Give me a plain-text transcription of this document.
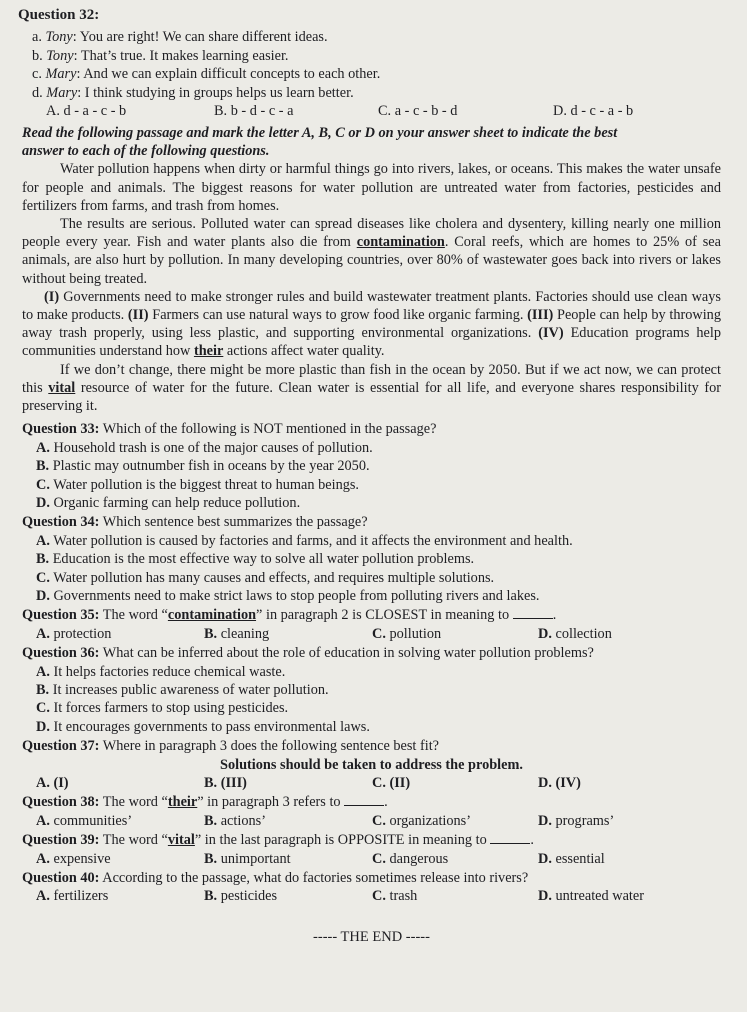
Question 32:
a. Tony: You are right! We can share different ideas.
b. Tony: That’s true. It makes learning easier.
c. Mary: And we can explain difficult concepts to each other.
d. Mary: I think studying in groups helps us learn better.
A. d - a - c - b	B. b - d - c - a	C. a - c - b - d	D. d - c - a - b
Read the following passage and mark the letter A, B, C or D on your answer sheet to indicate the best
answer to each of the following questions.

Water pollution happens when dirty or harmful things go into rivers, lakes, or oceans. This makes the water unsafe for people and animals. The biggest reasons for water pollution are untreated water from factories, pesticides and fertilizers from farms, and trash from homes.

The results are serious. Polluted water can spread diseases like cholera and dysentery, killing nearly one million people every year. Fish and water plants also die from contamination. Coral reefs, which are homes to 25% of sea animals, are also hurt by pollution. In many developing countries, over 80% of wastewater goes back into rivers or lakes without being treated.

(I) Governments need to make stronger rules and build wastewater treatment plants. Factories should use clean ways to make products. (II) Farmers can use natural ways to grow food like organic farming. (III) People can help by throwing away trash properly, using less plastic, and supporting environmental organizations. (IV) Education programs help communities understand how their actions affect water quality.

If we don’t change, there might be more plastic than fish in the ocean by 2050. But if we act now, we can protect this vital resource of water for the future. Clean water is essential for all life, and everyone shares responsibility for preserving it.

Question 33: Which of the following is NOT mentioned in the passage?
A. Household trash is one of the major causes of pollution.
B. Plastic may outnumber fish in oceans by the year 2050.
C. Water pollution is the biggest threat to human beings.
D. Organic farming can help reduce pollution.
Question 34: Which sentence best summarizes the passage?
A. Water pollution is caused by factories and farms, and it affects the environment and health.
B. Education is the most effective way to solve all water pollution problems.
C. Water pollution has many causes and effects, and requires multiple solutions.
D. Governments need to make strict laws to stop people from polluting rivers and lakes.
Question 35: The word “contamination” in paragraph 2 is CLOSEST in meaning to	.
A. protection	B. cleaning	C. pollution	D. collection
Question 36: What can be inferred about the role of education in solving water pollution problems?
A. It helps factories reduce chemical waste.
B. It increases public awareness of water pollution.
C. It forces farmers to stop using pesticides.
D. It encourages governments to pass environmental laws.
Question 37: Where in paragraph 3 does the following sentence best fit?
Solutions should be taken to address the problem.
A. (I)	B. (III)	C. (II)	D. (IV)
Question 38: The word “their” in paragraph 3 refers to	.
A. communities’	B. actions’	C. organizations’	D. programs’
Question 39: The word “vital” in the last paragraph is OPPOSITE in meaning to	.
A. expensive	B. unimportant	C. dangerous	D. essential
Question 40: According to the passage, what do factories sometimes release into rivers?
A. fertilizers	B. pesticides	C. trash	D. untreated water
----- THE END -----
